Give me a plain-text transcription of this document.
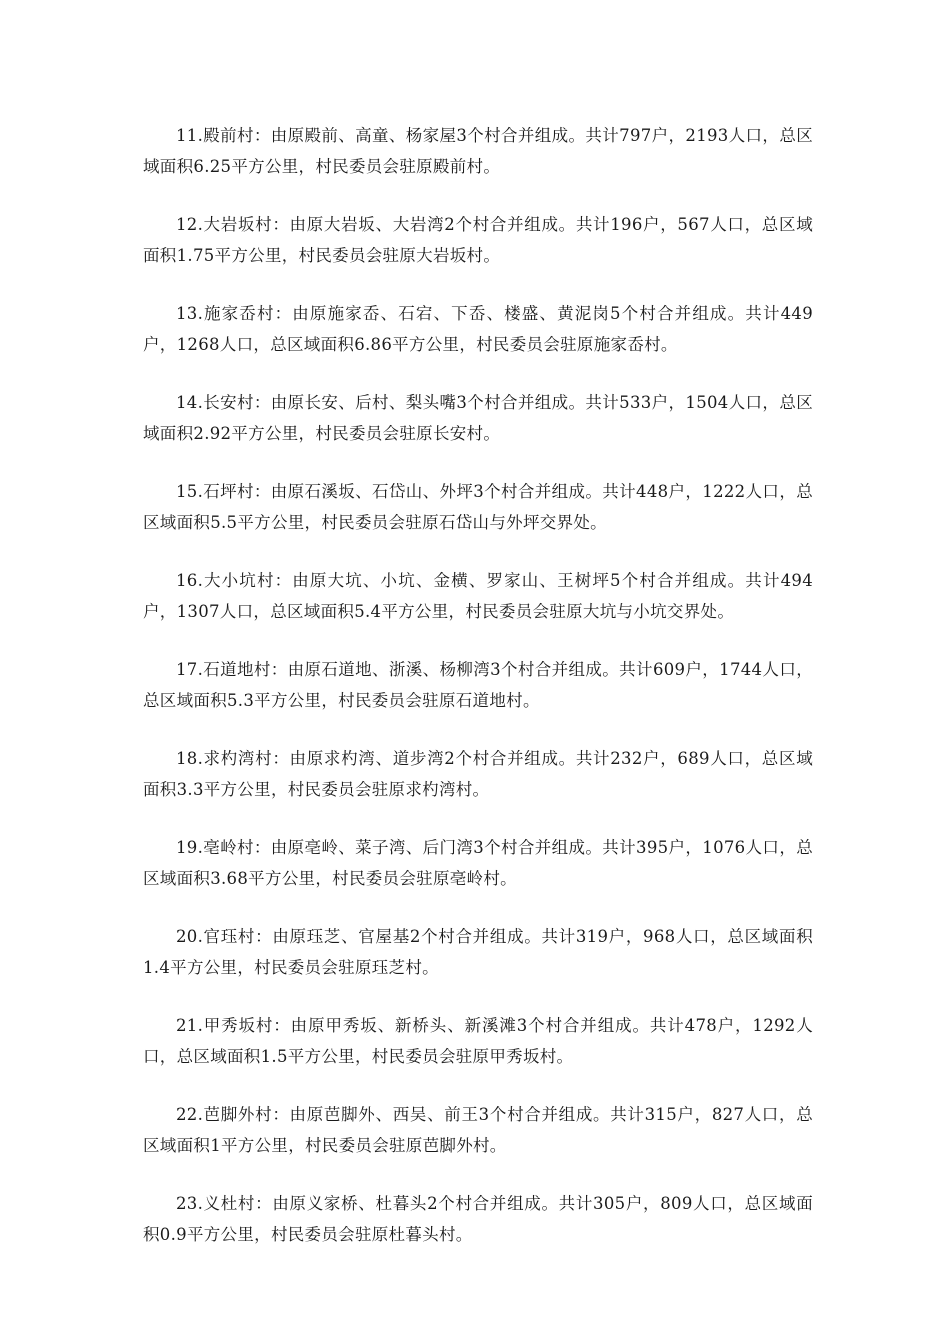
11.殿前村：由原殿前、高童、杨家屋3个村合并组成。共计797户，2193人口，总区域面积6.25平方公里，村民委员会驻原殿前村。

12.大岩坂村：由原大岩坂、大岩湾2个村合并组成。共计196户，567人口，总区域面积1.75平方公里，村民委员会驻原大岩坂村。

13.施家岙村：由原施家岙、石宕、下岙、楼盛、黄泥岗5个村合并组成。共计449户，1268人口，总区域面积6.86平方公里，村民委员会驻原施家岙村。

14.长安村：由原长安、后村、梨头嘴3个村合并组成。共计533户，1504人口，总区域面积2.92平方公里，村民委员会驻原长安村。

15.石坪村：由原石溪坂、石岱山、外坪3个村合并组成。共计448户，1222人口，总区域面积5.5平方公里，村民委员会驻原石岱山与外坪交界处。

16.大小坑村：由原大坑、小坑、金横、罗家山、王树坪5个村合并组成。共计494户，1307人口，总区域面积5.4平方公里，村民委员会驻原大坑与小坑交界处。

17.石道地村：由原石道地、浙溪、杨柳湾3个村合并组成。共计609户，1744人口，总区域面积5.3平方公里，村民委员会驻原石道地村。

18.求杓湾村：由原求杓湾、道步湾2个村合并组成。共计232户，689人口，总区域面积3.3平方公里，村民委员会驻原求杓湾村。

19.亳岭村：由原亳岭、菜子湾、后门湾3个村合并组成。共计395户，1076人口，总区域面积3.68平方公里，村民委员会驻原亳岭村。

20.官珏村：由原珏芝、官屋基2个村合并组成。共计319户，968人口，总区域面积1.4平方公里，村民委员会驻原珏芝村。

21.甲秀坂村：由原甲秀坂、新桥头、新溪滩3个村合并组成。共计478户，1292人口，总区域面积1.5平方公里，村民委员会驻原甲秀坂村。

22.芭脚外村：由原芭脚外、西吴、前王3个村合并组成。共计315户，827人口，总区域面积1平方公里，村民委员会驻原芭脚外村。

23.义杜村：由原义家桥、杜暮头2个村合并组成。共计305户，809人口，总区域面积0.9平方公里，村民委员会驻原杜暮头村。
